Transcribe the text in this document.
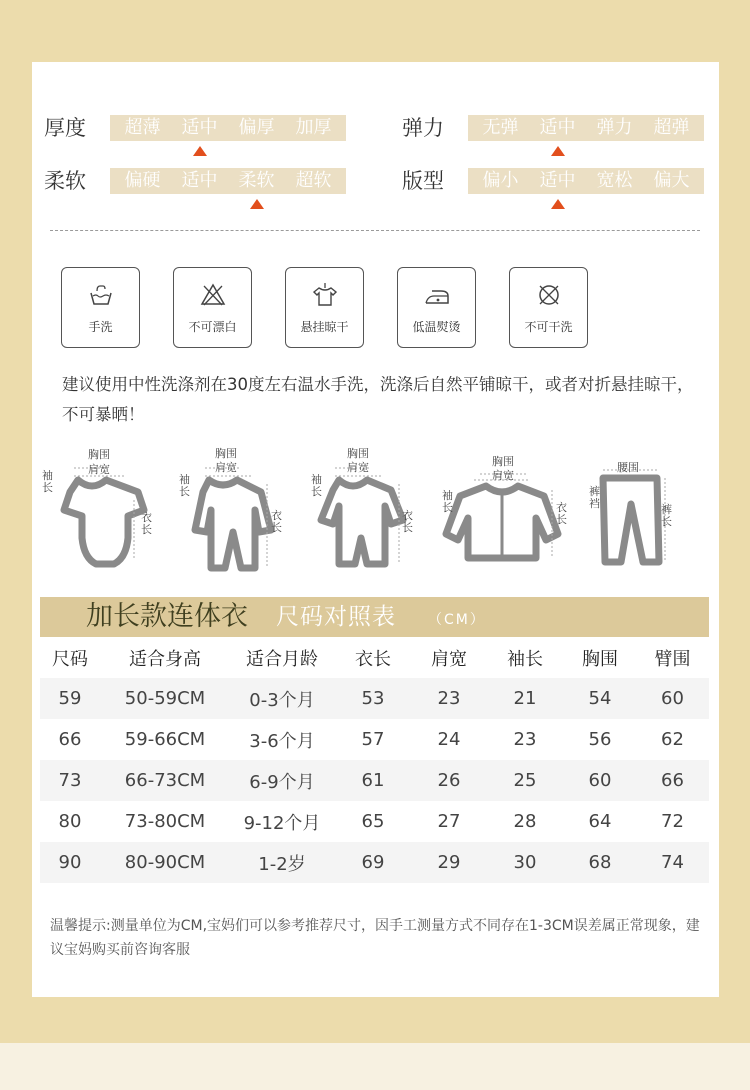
厚度	超薄	适中	偏厚	加厚	弹力	无弹	适中	弹力	超弹
柔软	偏硬	适中	柔软	超软	版型	偏小	适中	宽松	偏大
手洗	不可漂白	悬挂晾干	低温熨烫	不可干洗
建议使用中性洗涤剂在30度左右温水手洗，洗涤后自然平铺晾干，或者对折悬挂晾干，不可暴晒！
胸围
肩宽
袖长
衣长
胸围
肩宽
袖长
衣长
胸围
肩宽
袖长
衣长
胸围
肩宽
袖长	衣长
腰围
裤裆	裤长
加长款连体衣 尺码对照表 （CM）
尺码	适合身高	适合月龄	衣长	肩宽	袖长	胸围	臂围
59	50-59CM	0-3个月	53	23	21	54	60
66	59-66CM	3-6个月	57	24	23	56	62
73	66-73CM	6-9个月	61	26	25	60	66
80	73-80CM	9-12个月	65	27	28	64	72
90	80-90CM	1-2岁	69	29	30	68	74
温馨提示:测量单位为CM,宝妈们可以参考推荐尺寸，因手工测量方式不同存在1-3CM误差属正常现象，建议宝妈购买前咨询客服
